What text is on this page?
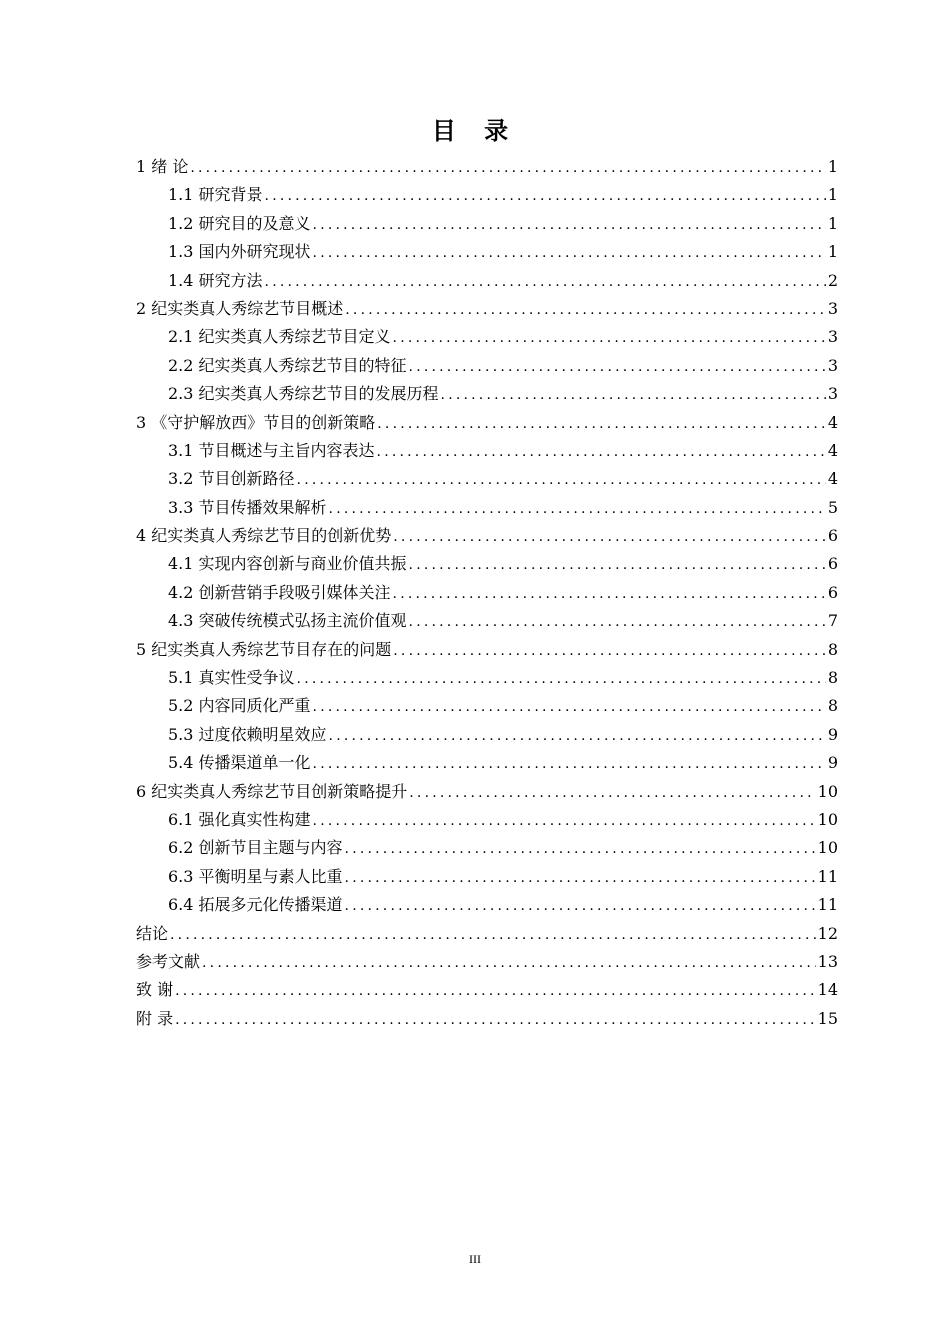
目 录
1 绪 论 .....	1
1.1 研究背景 .....	1
1.2 研究目的及意义 .....	1
1.3 国内外研究现状 .....	1
1.4 研究方法 .....	2
2 纪实类真人秀综艺节目概述 .....	3
2.1 纪实类真人秀综艺节目定义 .....	3
2.2 纪实类真人秀综艺节目的特征 .....	3
2.3 纪实类真人秀综艺节目的发展历程 .....	3
3 《守护解放西》节目的创新策略 .....	4
3.1 节目概述与主旨内容表达 .....	4
3.2 节目创新路径 .....	4
3.3 节目传播效果解析 .....	5
4 纪实类真人秀综艺节目的创新优势 .....	6
4.1 实现内容创新与商业价值共振 .....	6
4.2 创新营销手段吸引媒体关注 .....	6
4.3 突破传统模式弘扬主流价值观 .....	7
5 纪实类真人秀综艺节目存在的问题 .....	8
5.1 真实性受争议 .....	8
5.2 内容同质化严重 .....	8
5.3 过度依赖明星效应 .....	9
5.4 传播渠道单一化 .....	9
6 纪实类真人秀综艺节目创新策略提升 .....	10
6.1 强化真实性构建 .....	10
6.2 创新节目主题与内容 .....	10
6.3 平衡明星与素人比重 .....	11
6.4 拓展多元化传播渠道 .....	11
结论 .....	12
参考文献 .....	13
致 谢 .....	14
附 录 .....	15
III
